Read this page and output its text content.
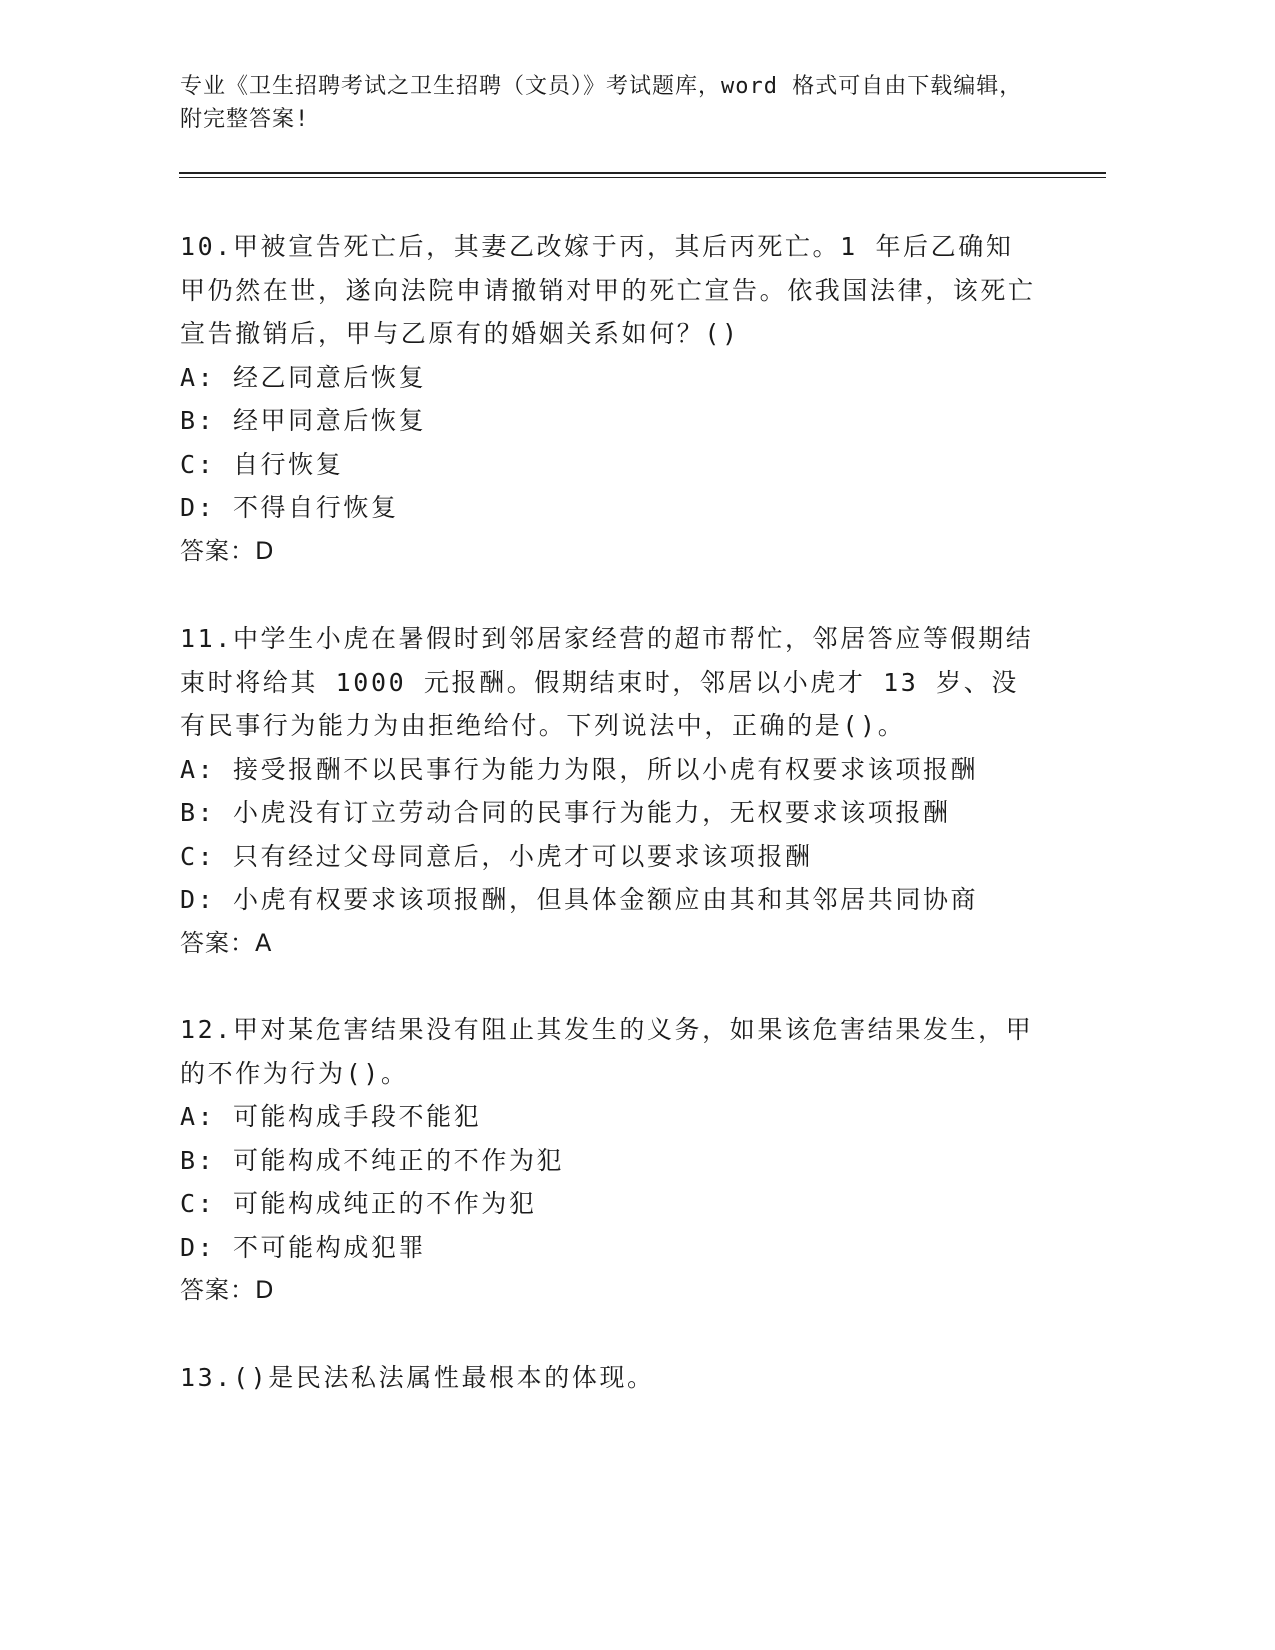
专业《卫生招聘考试之卫生招聘（文员）》考试题库，word 格式可自由下载编辑，附完整答案!

10.甲被宣告死亡后，其妻乙改嫁于丙，其后丙死亡。1 年后乙确知甲仍然在世，遂向法院申请撤销对甲的死亡宣告。依我国法律，该死亡宣告撤销后，甲与乙原有的婚姻关系如何？()

A: 经乙同意后恢复

B: 经甲同意后恢复

C: 自行恢复

D: 不得自行恢复

答案：D

11.中学生小虎在暑假时到邻居家经营的超市帮忙，邻居答应等假期结束时将给其 1000 元报酬。假期结束时，邻居以小虎才 13 岁、没有民事行为能力为由拒绝给付。下列说法中，正确的是()。

A: 接受报酬不以民事行为能力为限，所以小虎有权要求该项报酬

B: 小虎没有订立劳动合同的民事行为能力，无权要求该项报酬

C: 只有经过父母同意后，小虎才可以要求该项报酬

D: 小虎有权要求该项报酬，但具体金额应由其和其邻居共同协商

答案：A

12.甲对某危害结果没有阻止其发生的义务，如果该危害结果发生，甲的不作为行为()。

A: 可能构成手段不能犯

B: 可能构成不纯正的不作为犯

C: 可能构成纯正的不作为犯

D: 不可能构成犯罪

答案：D

13.()是民法私法属性最根本的体现。
